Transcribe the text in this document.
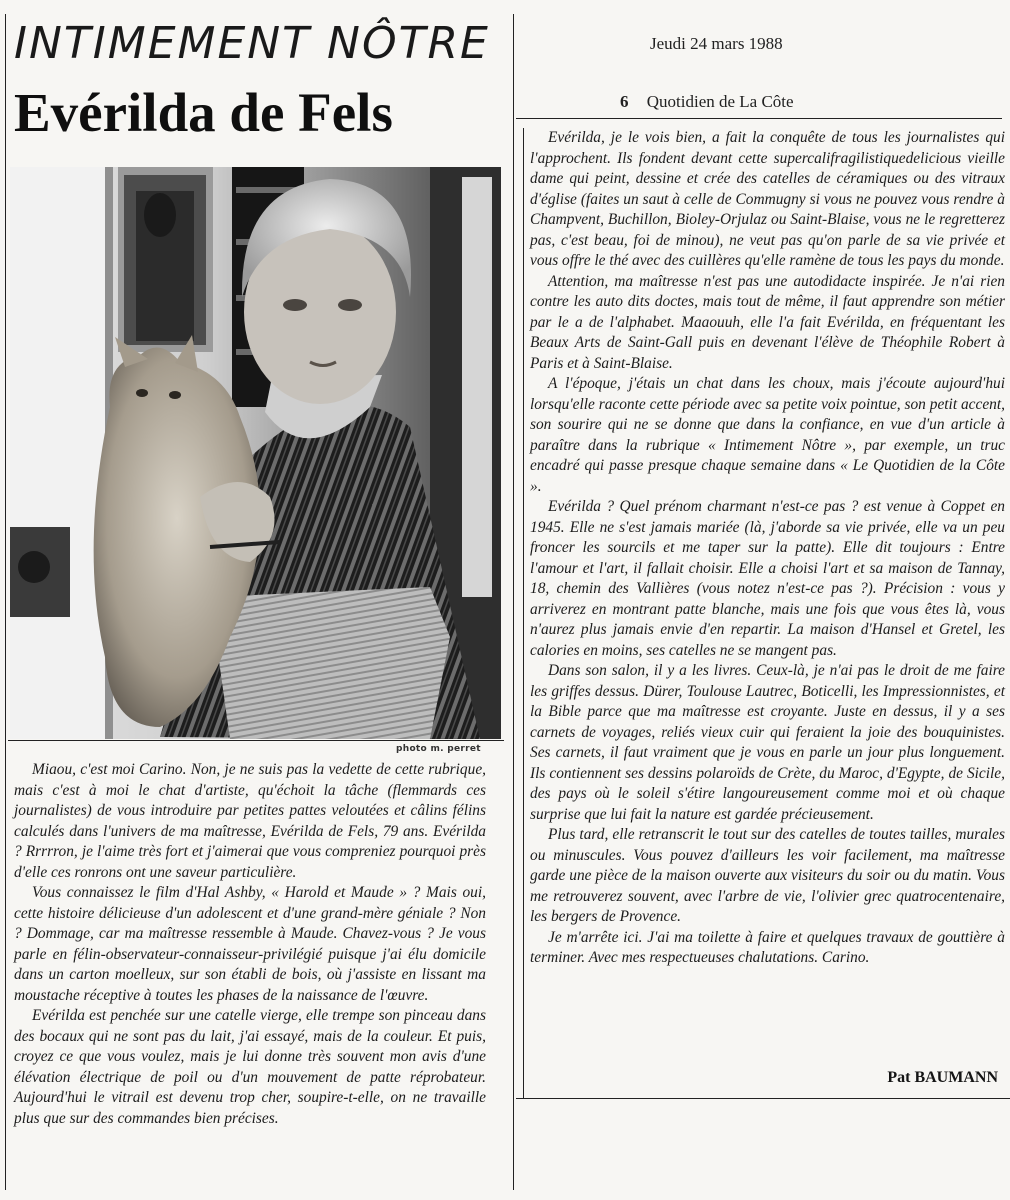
INTIMEMENT NÔTRE
Evérilda de Fels
Jeudi 24 mars 1988
6 Quotidien de La Côte
photo m. perret

Miaou, c'est moi Carino. Non, je ne suis pas la vedette de cette rubrique, mais c'est à moi le chat d'artiste, qu'échoit la tâche (flemmards ces journalistes) de vous introduire par petites pattes veloutées et câlins félins calculés dans l'univers de ma maîtresse, Evérilda de Fels, 79 ans. Evérilda ? Rrrrron, je l'aime très fort et j'aimerai que vous compreniez pourquoi près d'elle ces ronrons ont une saveur particulière.

Vous connaissez le film d'Hal Ashby, « Harold et Maude » ? Mais oui, cette histoire délicieuse d'un adolescent et d'une grand-mère géniale ? Non ? Dommage, car ma maîtresse ressemble à Maude. Chavez-vous ? Je vous parle en félin-observateur-connaisseur-privilégié puisque j'ai élu domicile dans un carton moelleux, sur son établi de bois, où j'assiste en lissant ma moustache réceptive à toutes les phases de la naissance de l'œuvre.

Evérilda est penchée sur une catelle vierge, elle trempe son pinceau dans des bocaux qui ne sont pas du lait, j'ai essayé, mais de la couleur. Et puis, croyez ce que vous voulez, mais je lui donne très souvent mon avis d'une élévation électrique de poil ou d'un mouvement de patte réprobateur. Aujourd'hui le vitrail est devenu trop cher, soupire-t-elle, on ne travaille plus que sur des commandes bien précises.

Evérilda, je le vois bien, a fait la conquête de tous les journalistes qui l'approchent. Ils fondent devant cette supercalifragilistiquedelicious vieille dame qui peint, dessine et crée des catelles de céramiques ou des vitraux d'église (faites un saut à celle de Commugny si vous ne pouvez vous rendre à Champvent, Buchillon, Bioley-Orjulaz ou Saint-Blaise, vous ne le regretterez pas, c'est beau, foi de minou), ne veut pas qu'on parle de sa vie privée et vous offre le thé avec des cuillères qu'elle ramène de tous les pays du monde.

Attention, ma maîtresse n'est pas une autodidacte inspirée. Je n'ai rien contre les auto dits doctes, mais tout de même, il faut apprendre son métier par le a de l'alphabet. Maaouuh, elle l'a fait Evérilda, en fréquentant les Beaux Arts de Saint-Gall puis en devenant l'élève de Théophile Robert à Paris et à Saint-Blaise.

A l'époque, j'étais un chat dans les choux, mais j'écoute aujourd'hui lorsqu'elle raconte cette période avec sa petite voix pointue, son petit accent, son sourire qui ne se donne que dans la confiance, en vue d'un article à paraître dans la rubrique « Intimement Nôtre », par exemple, un truc encadré qui passe presque chaque semaine dans « Le Quotidien de la Côte ».

Evérilda ? Quel prénom charmant n'est-ce pas ? est venue à Coppet en 1945. Elle ne s'est jamais mariée (là, j'aborde sa vie privée, elle va un peu froncer les sourcils et me taper sur la patte). Elle dit toujours : Entre l'amour et l'art, il fallait choisir. Elle a choisi l'art et sa maison de Tannay, 18, chemin des Vallières (vous notez n'est-ce pas ?). Précision : vous y arriverez en montrant patte blanche, mais une fois que vous êtes là, vous n'aurez plus jamais envie d'en repartir. La maison d'Hansel et Gretel, les calories en moins, ses catelles ne se mangent pas.

Dans son salon, il y a les livres. Ceux-là, je n'ai pas le droit de me faire les griffes dessus. Dürer, Toulouse Lautrec, Boticelli, les Impressionnistes, et la Bible parce que ma maîtresse est croyante. Juste en dessus, il y a ses carnets de voyages, reliés vieux cuir qui feraient la joie des bouquinistes. Ses carnets, il faut vraiment que je vous en parle un jour plus longuement. Ils contiennent ses dessins polaroïds de Crète, du Maroc, d'Egypte, de Sicile, des pays où le soleil s'étire langoureusement comme moi et où chaque surprise que lui fait la nature est gardée précieusement.

Plus tard, elle retranscrit le tout sur des catelles de toutes tailles, murales ou minuscules. Vous pouvez d'ailleurs les voir facilement, ma maîtresse garde une pièce de la maison ouverte aux visiteurs du soir ou du matin. Vous me retrouverez souvent, avec l'arbre de vie, l'olivier grec quatrocentenaire, les bergers de Provence.

Je m'arrête ici. J'ai ma toilette à faire et quelques travaux de gouttière à terminer. Avec mes respectueuses chalutations. Carino.

Pat BAUMANN
